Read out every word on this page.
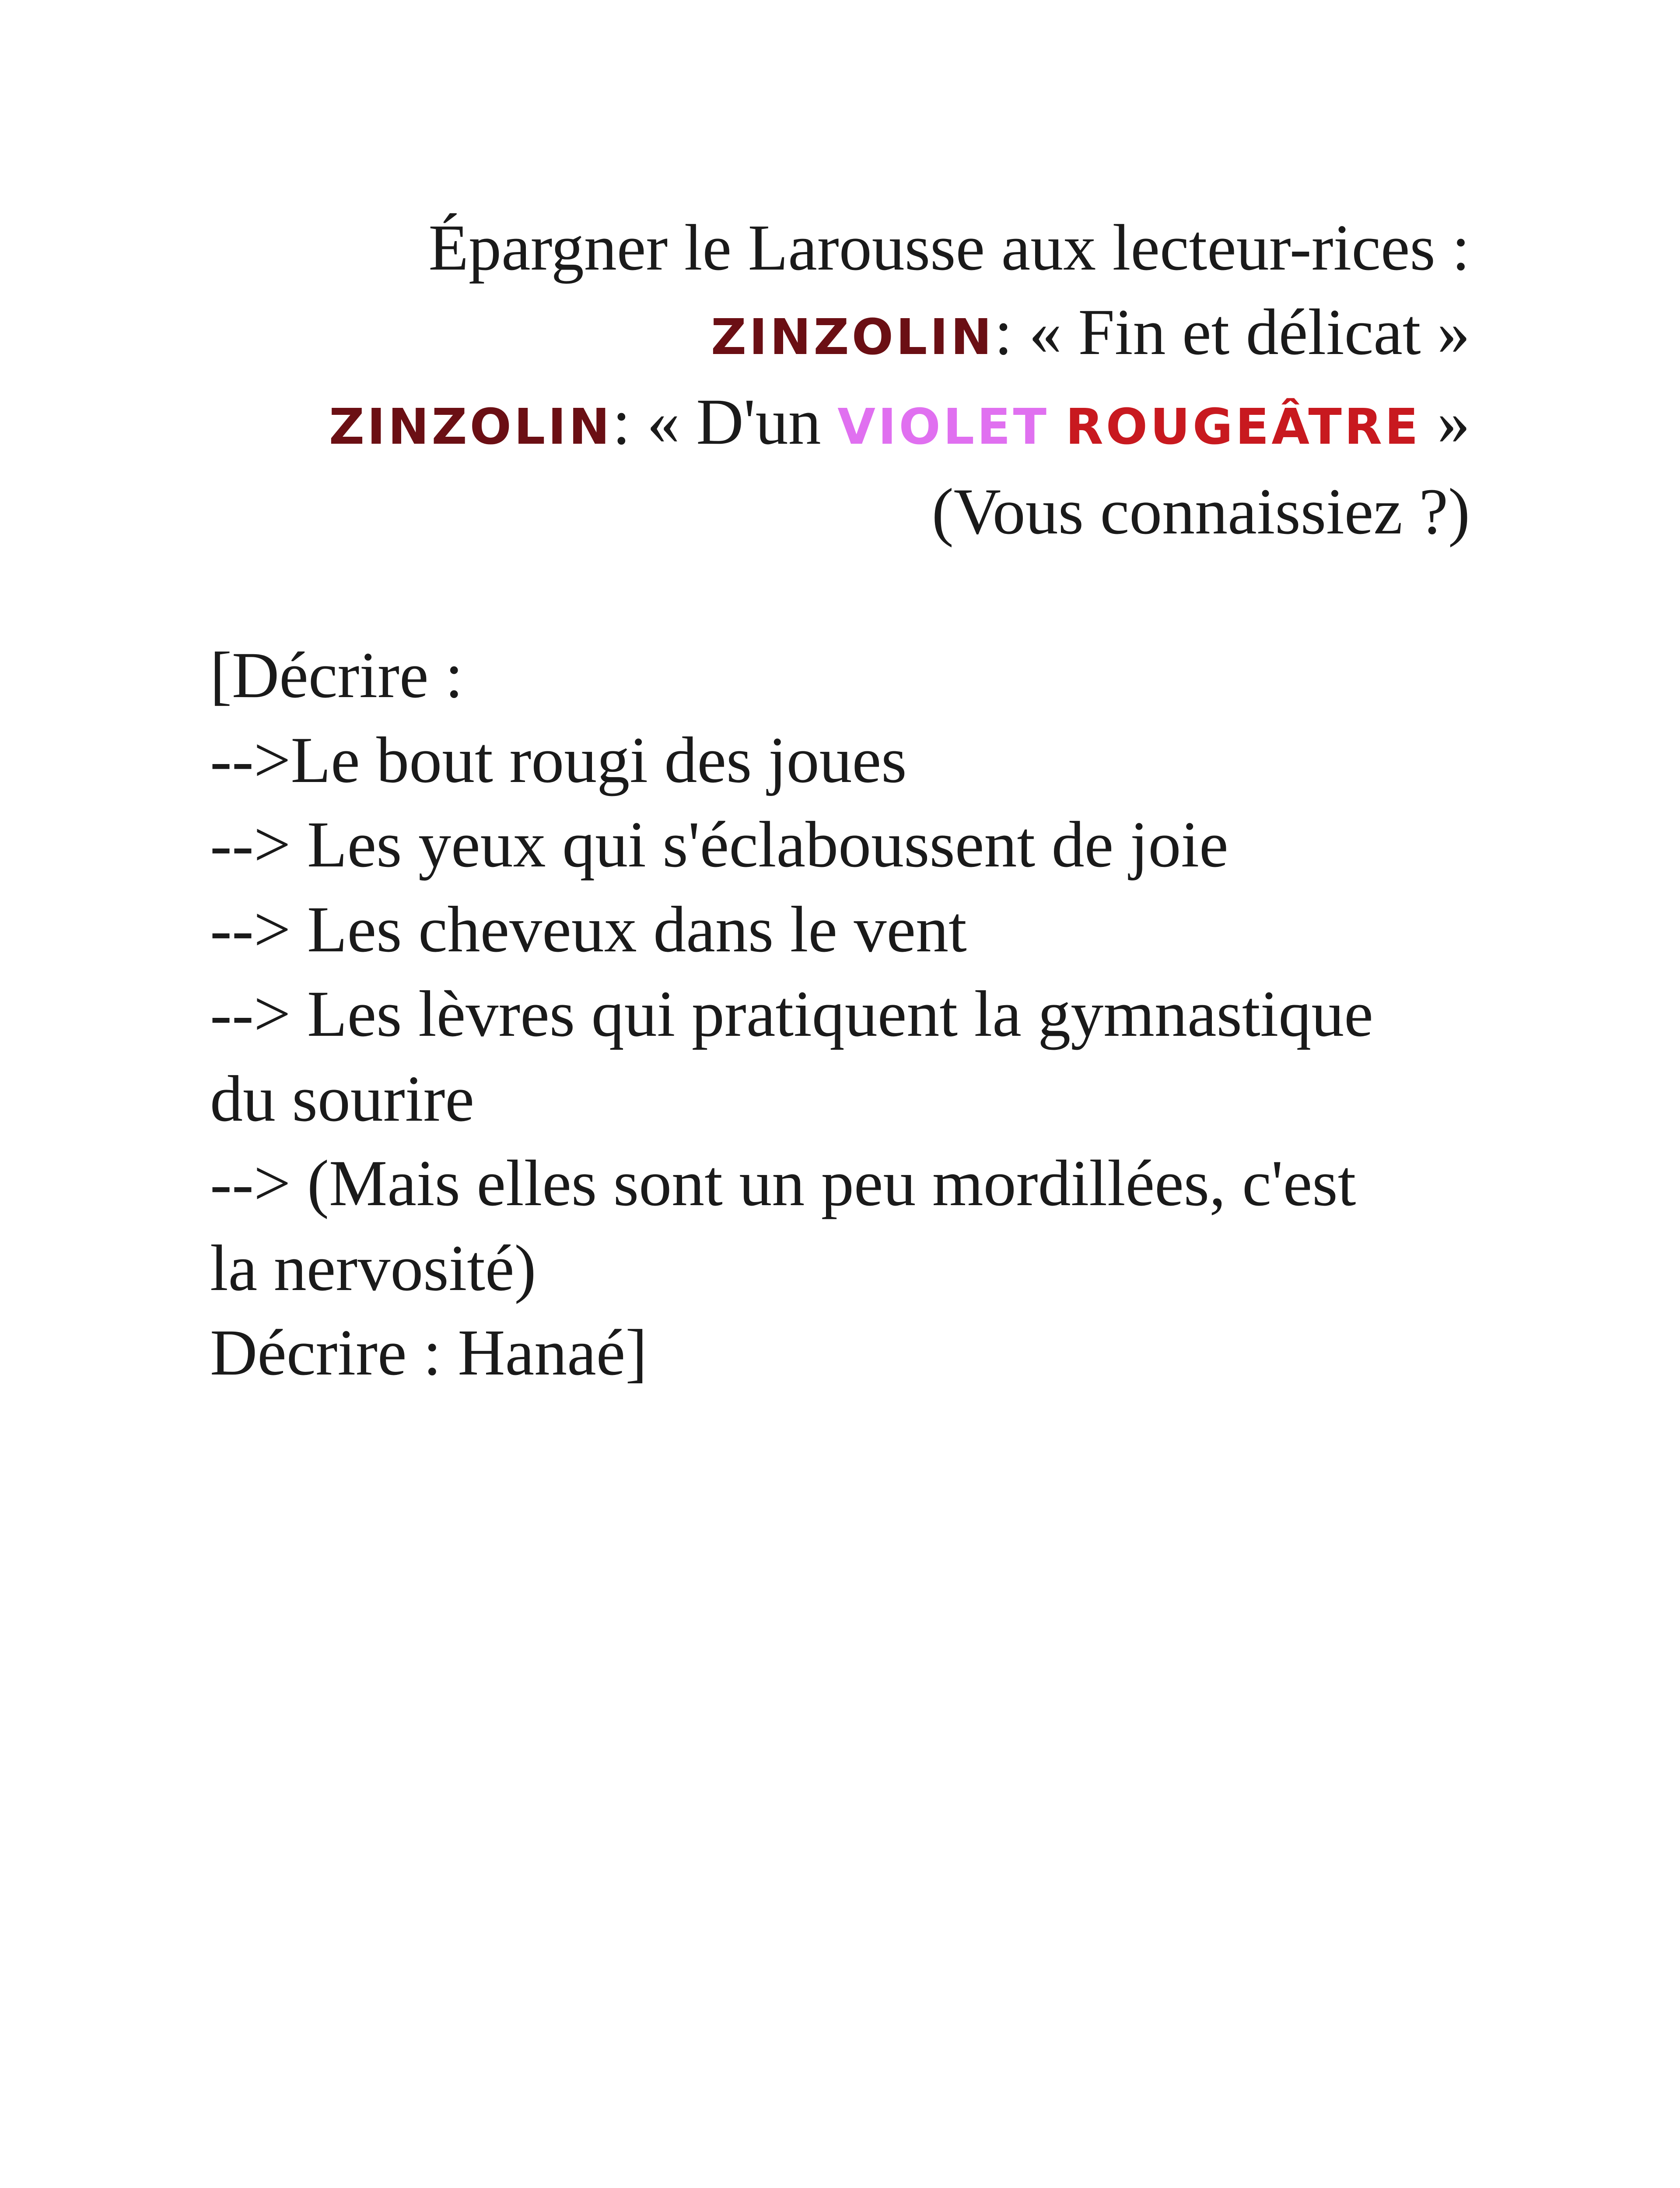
Épargner le Larousse aux lecteur-rices :
ZINZOLIN: « Fin et délicat »
ZINZOLIN: « D'un VIOLET ROUGEÂTRE »
(Vous connaissiez ?)
[Décrire :
-->Le bout rougi des joues
--> Les yeux qui s'éclaboussent de joie
--> Les cheveux dans le vent
--> Les lèvres qui pratiquent la gymnastique
du sourire
--> (Mais elles sont un peu mordillées, c'est
la nervosité)
Décrire : Hanaé]
